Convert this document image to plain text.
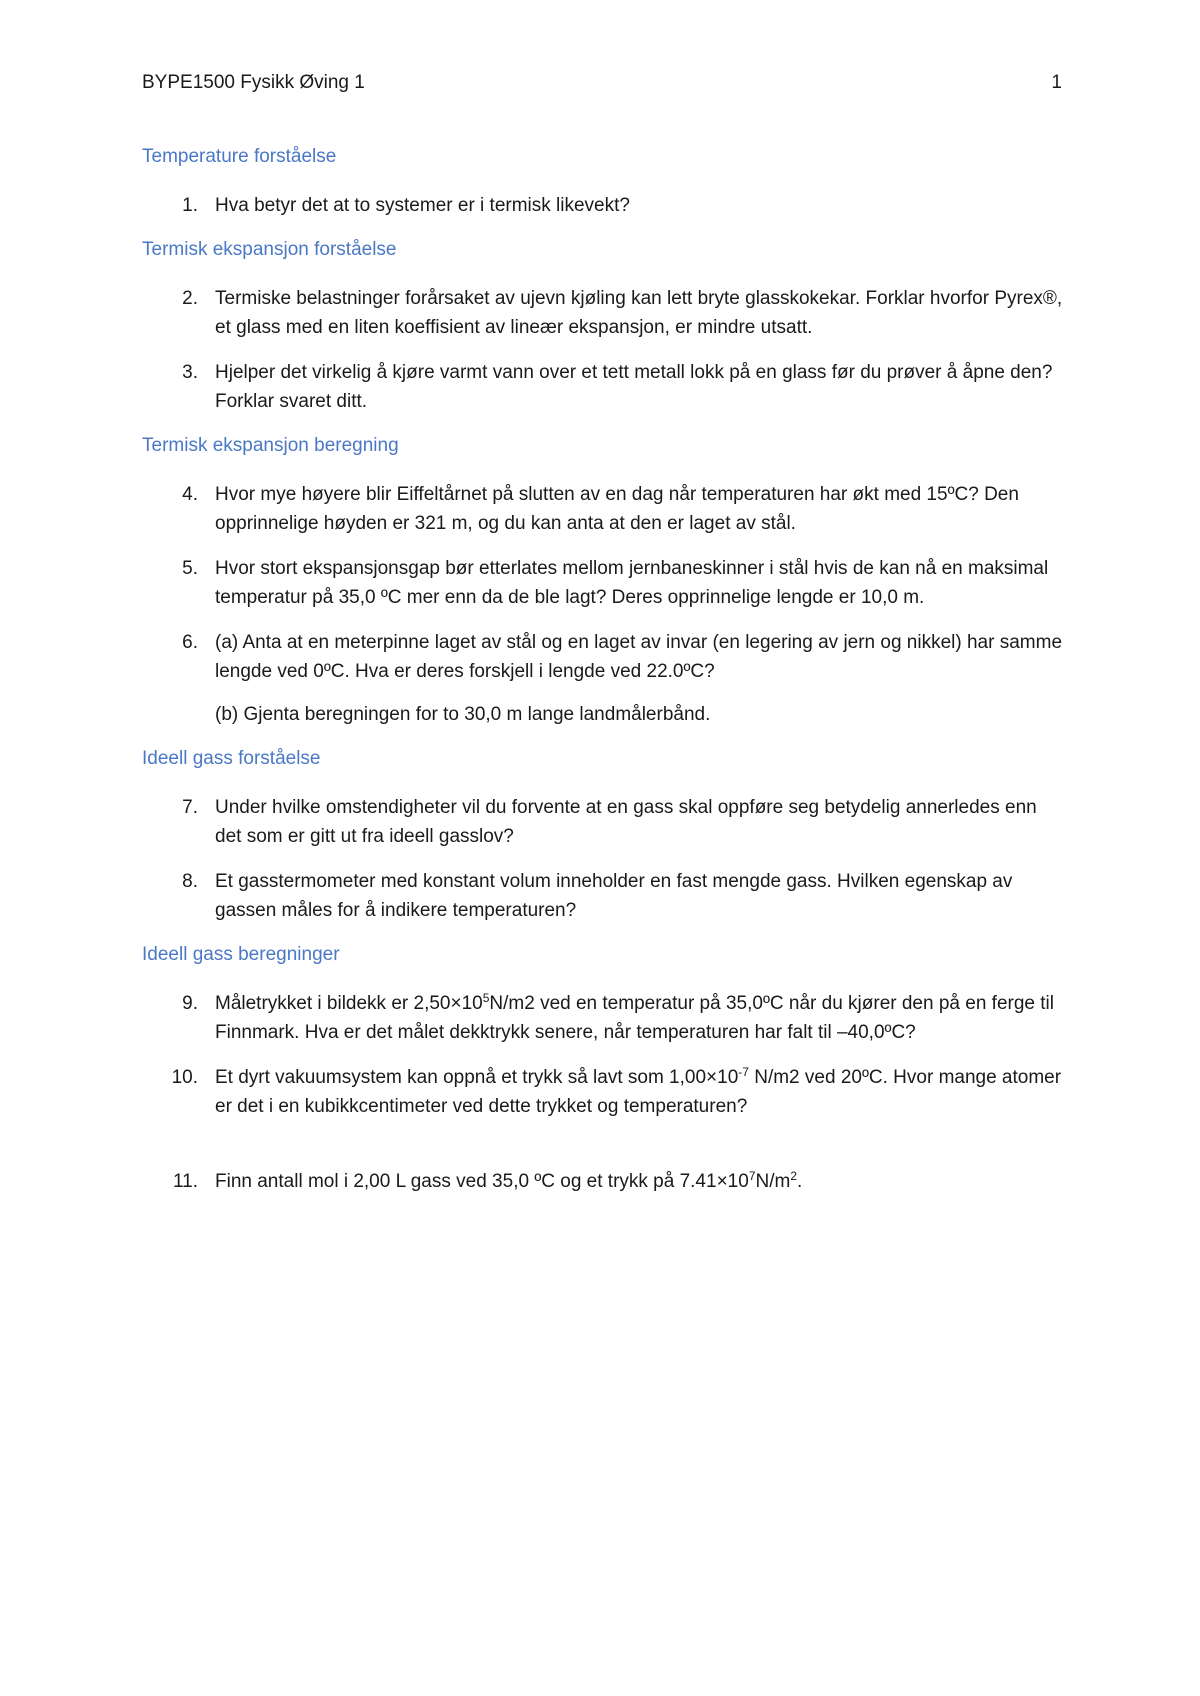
BYPE1500 Fysikk Øving 1	1
Temperature forståelse
1. Hva betyr det at to systemer er i termisk likevekt?
Termisk ekspansjon forståelse
2. Termiske belastninger forårsaket av ujevn kjøling kan lett bryte glasskokekar. Forklar hvorfor Pyrex®, et glass med en liten koeffisient av lineær ekspansjon, er mindre utsatt.
3. Hjelper det virkelig å kjøre varmt vann over et tett metall lokk på en glass før du prøver å åpne den? Forklar svaret ditt.
Termisk ekspansjon beregning
4. Hvor mye høyere blir Eiffeltårnet på slutten av en dag når temperaturen har økt med 15ºC? Den opprinnelige høyden er 321 m, og du kan anta at den er laget av stål.
5. Hvor stort ekspansjonsgap bør etterlates mellom jernbaneskinner i stål hvis de kan nå en maksimal temperatur på 35,0 ºC mer enn da de ble lagt? Deres opprinnelige lengde er 10,0 m.
6. (a) Anta at en meterpinne laget av stål og en laget av invar (en legering av jern og nikkel) har samme lengde ved 0ºC. Hva er deres forskjell i lengde ved 22.0ºC?
(b) Gjenta beregningen for to 30,0 m lange landmålerbånd.
Ideell gass forståelse
7. Under hvilke omstendigheter vil du forvente at en gass skal oppføre seg betydelig annerledes enn det som er gitt ut fra ideell gasslov?
8. Et gasstermometer med konstant volum inneholder en fast mengde gass. Hvilken egenskap av gassen måles for å indikere temperaturen?
Ideell gass beregninger
9. Måletrykket i bildekk er $2,50\times 10^5N/m2$ ved en temperatur på 35,0ºC når du kjører den på en ferge til Finnmark. Hva er det målet dekktrykk senere, når temperaturen har falt til –40,0ºC?
10. Et dyrt vakuumsystem kan oppnå et trykk så lavt som $1,00\times 10^{-7}$ N/m2 ved 20ºC. Hvor mange atomer er det i en kubikkcentimeter ved dette trykket og temperaturen?
11. Finn antall mol i 2,00 L gass ved 35,0 ºC og et trykk på $7.41\times 10^7N/m^2$.
